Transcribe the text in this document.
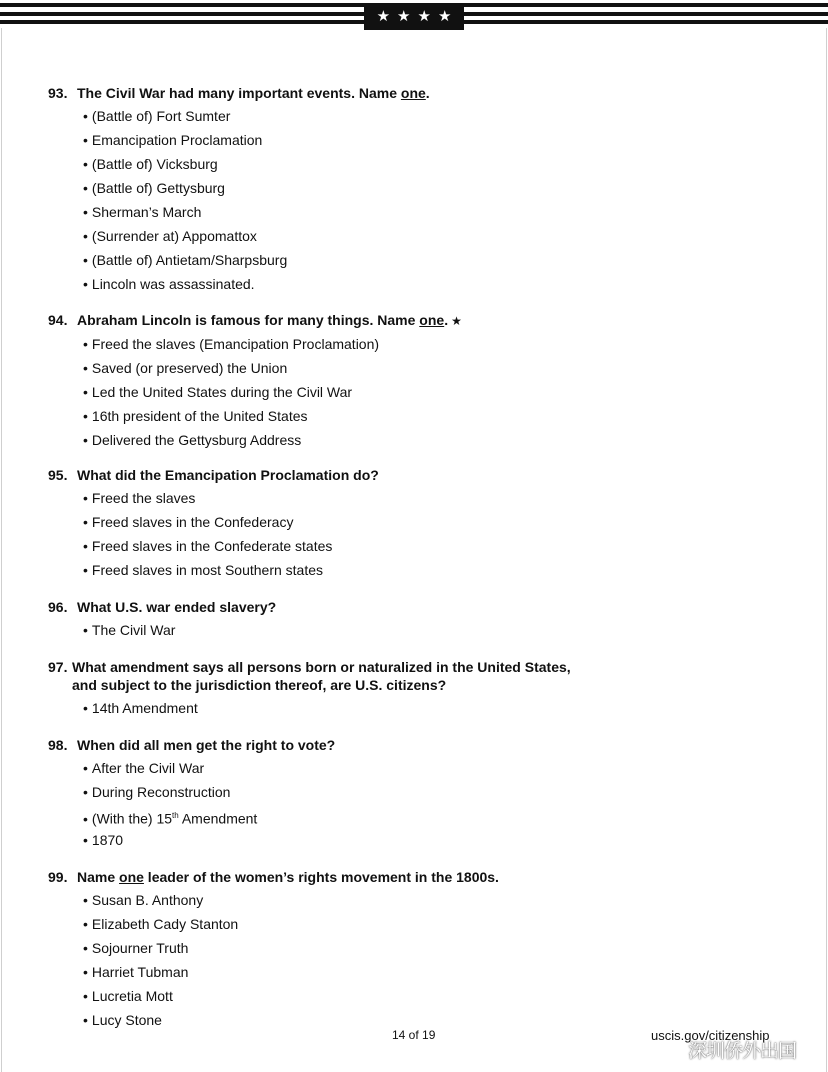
★ ★ ★ ★
93. The Civil War had many important events. Name one.
• (Battle of) Fort Sumter
• Emancipation Proclamation
• (Battle of) Vicksburg
• (Battle of) Gettysburg
• Sherman’s March
• (Surrender at) Appomattox
• (Battle of) Antietam/Sharpsburg
• Lincoln was assassinated.
94. Abraham Lincoln is famous for many things. Name one. ★
• Freed the slaves (Emancipation Proclamation)
• Saved (or preserved) the Union
• Led the United States during the Civil War
• 16th president of the United States
• Delivered the Gettysburg Address
95. What did the Emancipation Proclamation do?
• Freed the slaves
• Freed slaves in the Confederacy
• Freed slaves in the Confederate states
• Freed slaves in most Southern states
96. What U.S. war ended slavery?
• The Civil War
97. What amendment says all persons born or naturalized in the United States,
and subject to the jurisdiction thereof, are U.S. citizens?
• 14th Amendment
98. When did all men get the right to vote?
• After the Civil War
• During Reconstruction
• (With the) 15th Amendment
• 1870
99. Name one leader of the women’s rights movement in the 1800s.
• Susan B. Anthony
• Elizabeth Cady Stanton
• Sojourner Truth
• Harriet Tubman
• Lucretia Mott
• Lucy Stone
14 of 19	uscis.gov/citizenship
深圳侨外出国
